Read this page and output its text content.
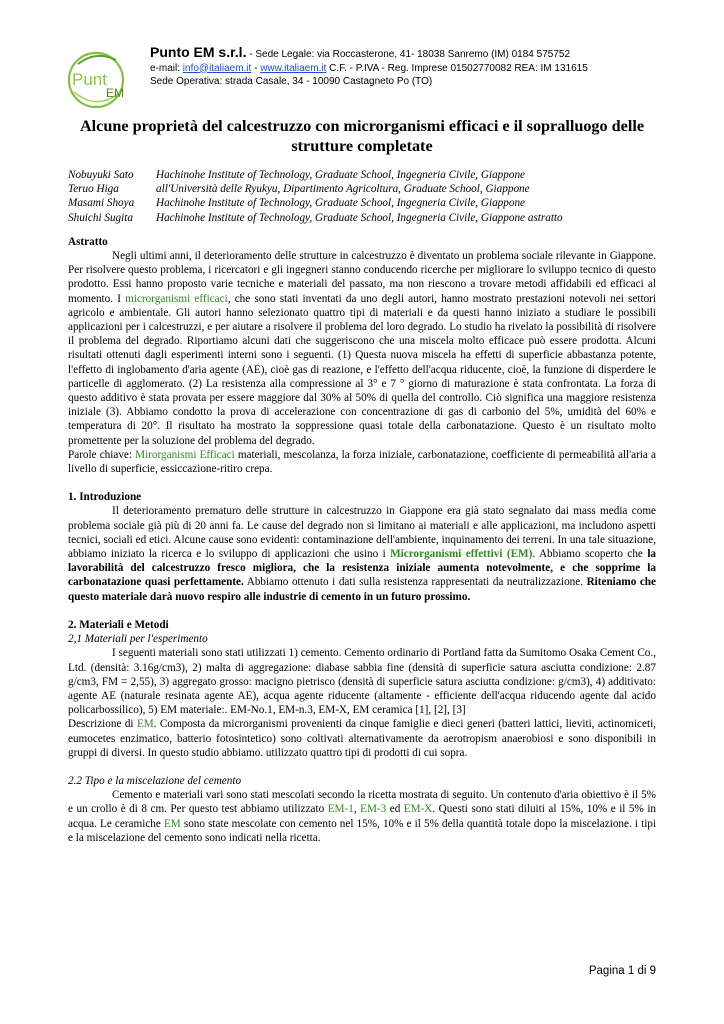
Punt
EM
Punto EM s.r.l. - Sede Legale: via Roccasterone, 41- 18038 Sanremo (IM) 0184 575752
e-mail: info@italiaem.it - www.italiaem.it C.F. - P.IVA - Reg. Imprese 01502770082 REA: IM 131615
Sede Operativa: strada Casale, 34 - 10090 Castagneto Po (TO)
Alcune proprietà del calcestruzzo con microrganismi efficaci e il sopralluogo delle strutture completate
Nobuyuki Sato	Hachinohe Institute of Technology, Graduate School, Ingegneria Civile, Giappone
Teruo Higa	all'Università delle Ryukyu, Dipartimento Agricoltura, Graduate School, Giappone
Masami Shoya	Hachinohe Institute of Technology, Graduate School, Ingegneria Civile, Giappone
Shuichi Sugita	Hachinohe Institute of Technology, Graduate School, Ingegneria Civile, Giappone astratto
Astratto

Negli ultimi anni, il deterioramento delle strutture in calcestruzzo è diventato un problema sociale rilevante in Giappone. Per risolvere questo problema, i ricercatori e gli ingegneri stanno conducendo ricerche per migliorare lo sviluppo tecnico di questo prodotto. Essi hanno proposto varie tecniche e materiali del passato, ma non riescono a trovare metodi affidabili ed efficaci al momento. I microrganismi efficaci, che sono stati inventati da uno degli autori, hanno mostrato prestazioni notevoli nei settori agricolo e ambientale. Gli autori hanno selezionato quattro tipi di materiali e da questi hanno iniziato a studiare le possibili applicazioni per i calcestruzzi, e per aiutare a risolvere il problema del loro degrado. Lo studio ha rivelato la possibilità di risolvere il problema del degrado. Riportiamo alcuni dati che suggeriscono che una miscela molto efficace può essere prodotta. Alcuni risultati ottenuti dagli esperimenti interni sono i seguenti. (1) Questa nuova miscela ha effetti di superficie abbastanza potente, l'effetto di inglobamento d'aria agente (AE), cioè gas di reazione, e l'effetto dell'acqua riducente, cioè, la funzione di disperdere le particelle di agglomerato. (2) La resistenza alla compressione al 3° e 7 ° giorno di maturazione è stata confrontata. La forza di questo additivo è stata provata per essere maggiore dal 30% al 50% di quella del controllo. Ciò significa una maggiore resistenza iniziale (3). Abbiamo condotto la prova di accelerazione con concentrazione di gas di carbonio del 5%, umidità del 60% e temperatura di 20°. Il risultato ha mostrato la soppressione quasi totale della carbonatazione. Questo è un risultato molto promettente per la soluzione del problema del degrado.

Parole chiave: Mirorganismi Efficaci materiali, mescolanza, la forza iniziale, carbonatazione, coefficiente di permeabilità all'aria a livello di superficie, essiccazione-ritiro crepa.

1. Introduzione

Il deterioramento prematuro delle strutture in calcestruzzo in Giappone era già stato segnalato dai mass media come problema sociale già più di 20 anni fa. Le cause del degrado non si limitano ai materiali e alle applicazioni, ma includono aspetti tecnici, sociali ed etici. Alcune cause sono evidenti: contaminazione dell'ambiente, inquinamento dei terreni. In una tale situazione, abbiamo iniziato la ricerca e lo sviluppo di applicazioni che usino i Microrganismi effettivi (EM). Abbiamo scoperto che la lavorabilità del calcestruzzo fresco migliora, che la resistenza iniziale aumenta notevolmente, e che sopprime la carbonatazione quasi perfettamente. Abbiamo ottenuto i dati sulla resistenza rappresentati da neutralizzazione. Riteniamo che questo materiale darà nuovo respiro alle industrie di cemento in un futuro prossimo.

2. Materiali e Metodi
2,1 Materiali per l'esperimento

I seguenti materiali sono stati utilizzati 1) cemento. Cemento ordinario di Portland fatta da Sumitomo Osaka Cement Co., Ltd. (densità: 3.16g/cm3), 2) malta di aggregazione: diabase sabbia fine (densità di superficie satura asciutta condizione: 2.87 g/cm3, FM = 2,55), 3) aggregato grosso: macigno pietrisco (densità di superficie satura asciutta condizione: g/cm3), 4) additivato: agente AE (naturale resinata agente AE), acqua agente riducente (altamente - efficiente dell'acqua riducendo agente dal acido policarbossilico), 5) EM materiale:. EM-No.1, EM-n.3, EM-X, EM ceramica [1], [2], [3]

Descrizione di EM. Composta da microrganismi provenienti da cinque famiglie e dieci generi (batteri lattici, lieviti, actinomiceti, eumocetes enzimatico, batterio fotosintetico) sono coltivati alternativamente da aerotropism anaerobiosi e sono disponibili in gruppi di diversi. In questo studio abbiamo. utilizzato quattro tipi di prodotti di cui sopra.

2.2 Tipo e la miscelazione del cemento

Cemento e materiali vari sono stati mescolati secondo la ricetta mostrata di seguito. Un contenuto d'aria obiettivo è il 5% e un crollo è di 8 cm. Per questo test abbiamo utilizzato EM-1, EM-3 ed EM-X. Questi sono stati diluiti al 15%, 10% e il 5% in acqua. Le ceramiche EM sono state mescolate con cemento nel 15%, 10% e il 5% della quantità totale dopo la miscelazione. i tipi e la miscelazione del cemento sono indicati nella ricetta.

Pagina 1 di 9
